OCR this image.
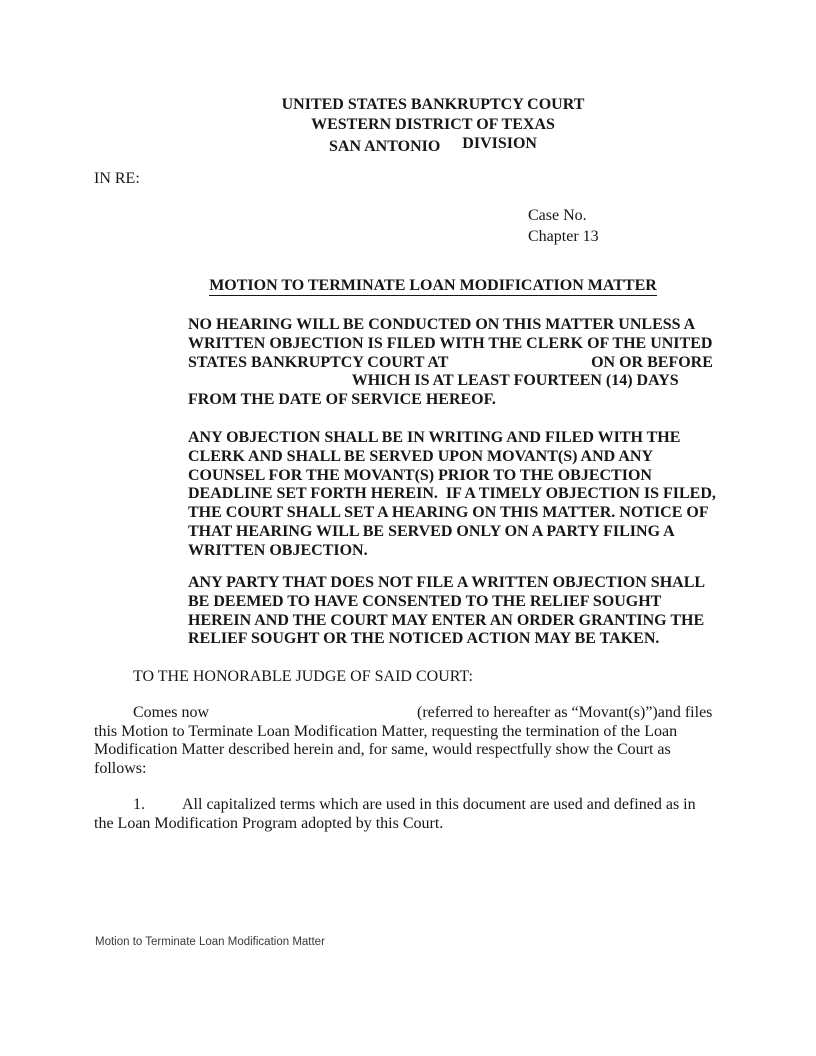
UNITED STATES BANKRUPTCY COURT
WESTERN DISTRICT OF TEXAS
SAN ANTONIO DIVISION
IN RE:
Case No.
Chapter 13
MOTION TO TERMINATE LOAN MODIFICATION MATTER

NO HEARING WILL BE CONDUCTED ON THIS MATTER UNLESS A WRITTEN OBJECTION IS FILED WITH THE CLERK OF THE UNITED STATES BANKRUPTCY COURT AT	ON OR BEFORE  WHICH IS AT LEAST FOURTEEN (14) DAYS FROM THE DATE OF SERVICE HEREOF.

ANY OBJECTION SHALL BE IN WRITING AND FILED WITH THE CLERK AND SHALL BE SERVED UPON MOVANT(S) AND ANY COUNSEL FOR THE MOVANT(S) PRIOR TO THE OBJECTION DEADLINE SET FORTH HEREIN.  IF A TIMELY OBJECTION IS FILED, THE COURT SHALL SET A HEARING ON THIS MATTER. NOTICE OF THAT HEARING WILL BE SERVED ONLY ON A PARTY FILING A WRITTEN OBJECTION.

ANY PARTY THAT DOES NOT FILE A WRITTEN OBJECTION SHALL BE DEEMED TO HAVE CONSENTED TO THE RELIEF SOUGHT HEREIN AND THE COURT MAY ENTER AN ORDER GRANTING THE RELIEF SOUGHT OR THE NOTICED ACTION MAY BE TAKEN.

TO THE HONORABLE JUDGE OF SAID COURT:

Comes now	(referred to hereafter as “Movant(s)”)and files this Motion to Terminate Loan Modification Matter, requesting the termination of the Loan Modification Matter described herein and, for same, would respectfully show the Court as
follows:

1. All capitalized terms which are used in this document are used and defined as in the Loan Modification Program adopted by this Court.

Motion to Terminate Loan Modification Matter
